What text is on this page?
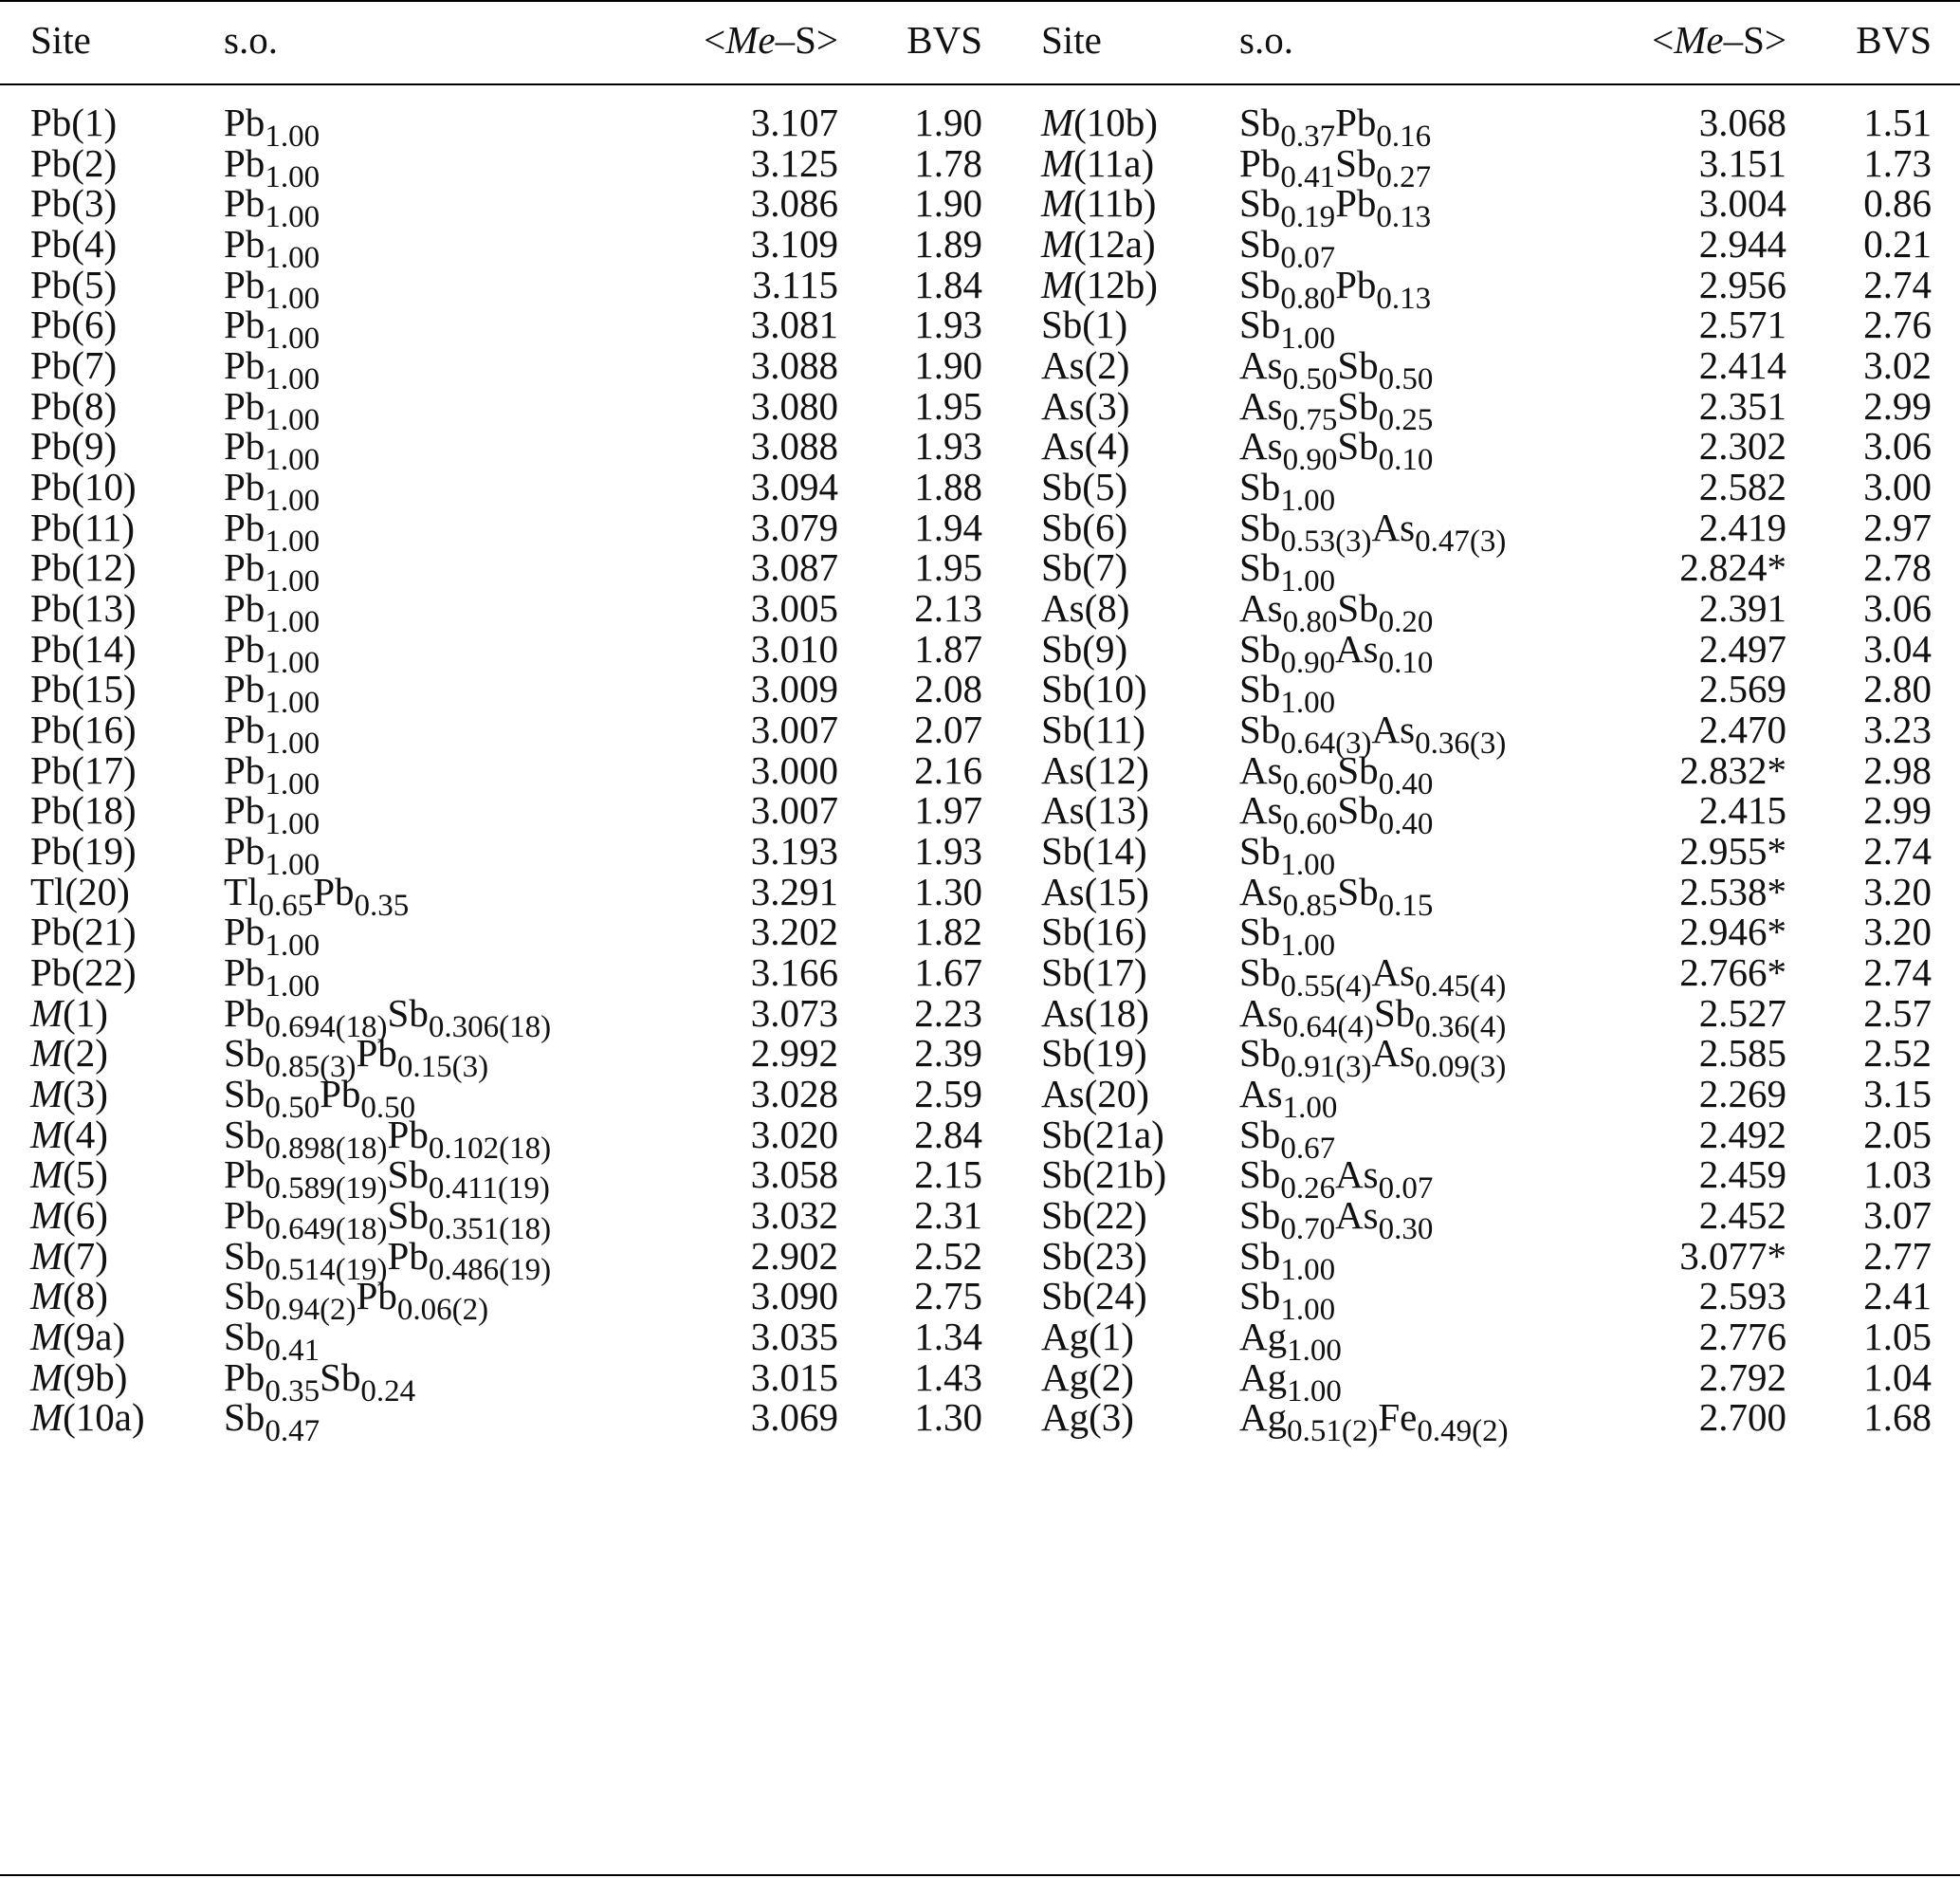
Site	s.o.	<Me–S>	BVS Site	s.o.	<Me–S>	BVS
Pb(1)	$Pb_{1.00}$	3.107	1.90 M(10b) $Sb_{0.37}Pb_{0.16}$	3.068	1.51
Pb(2)	$Pb_{1.00}$	3.125	1.78 M(11a) $Pb_{0.41}Sb_{0.27}$	3.151	1.73
Pb(3)	$Pb_{1.00}$	3.086	1.90 M(11b) $Sb_{0.19}Pb_{0.13}$	3.004	0.86
Pb(4)	$Pb_{1.00}$	3.109	1.89 M(12a) $Sb_{0.07}$	2.944	0.21
Pb(5)	$Pb_{1.00}$	3.115	1.84 M(12b) $Sb_{0.80}Pb_{0.13}$	2.956	2.74
Pb(6)	$Pb_{1.00}$	3.081	1.93 Sb(1)	$Sb_{1.00}$	2.571	2.76
Pb(7)	$Pb_{1.00}$	3.088	1.90 As(2)	$As_{0.50}Sb_{0.50}$	2.414	3.02
Pb(8)	$Pb_{1.00}$	3.080	1.95 As(3)	$As_{0.75}Sb_{0.25}$	2.351	2.99
Pb(9)	$Pb_{1.00}$	3.088	1.93 As(4)	$As_{0.90}Sb_{0.10}$	2.302	3.06
Pb(10) $Pb_{1.00}$	3.094	1.88 Sb(5)	$Sb_{1.00}$	2.582	3.00
Pb(11) $Pb_{1.00}$	3.079	1.94 Sb(6)	$Sb_{0.53(3)}As_{0.47(3)}$	2.419	2.97
Pb(12) $Pb_{1.00}$	3.087	1.95 Sb(7)	$Sb_{1.00}$	2.824*	2.78
Pb(13) $Pb_{1.00}$	3.005	2.13 As(8)	$As_{0.80}Sb_{0.20}$	2.391	3.06
Pb(14) $Pb_{1.00}$	3.010	1.87 Sb(9)	$Sb_{0.90}As_{0.10}$	2.497	3.04
Pb(15) $Pb_{1.00}$	3.009	2.08 Sb(10) $Sb_{1.00}$	2.569	2.80
Pb(16) $Pb_{1.00}$	3.007	2.07 Sb(11) $Sb_{0.64(3)}As_{0.36(3)}$	2.470	3.23
Pb(17) $Pb_{1.00}$	3.000	2.16 As(12) $As_{0.60}Sb_{0.40}$	2.832*	2.98
Pb(18) $Pb_{1.00}$	3.007	1.97 As(13) $As_{0.60}Sb_{0.40}$	2.415	2.99
Pb(19) $Pb_{1.00}$	3.193	1.93 Sb(14) $Sb_{1.00}$	2.955*	2.74
Tl(20) $Tl_{0.65}Pb_{0.35}$	3.291	1.30 As(15) $As_{0.85}Sb_{0.15}$	2.538*	3.20
Pb(21) $Pb_{1.00}$	3.202	1.82 Sb(16) $Sb_{1.00}$	2.946*	3.20
Pb(22) $Pb_{1.00}$	3.166	1.67 Sb(17) $Sb_{0.55(4)}As_{0.45(4)}$	2.766*	2.74
M(1)	$Pb_{0.694(18)}Sb_{0.306(18)}$	3.073	2.23 As(18) $As_{0.64(4)}Sb_{0.36(4)}$	2.527	2.57
M(2)	$Sb_{0.85(3)}Pb_{0.15(3)}$	2.992	2.39 Sb(19) $Sb_{0.91(3)}As_{0.09(3)}$	2.585	2.52
M(3)	$Sb_{0.50}Pb_{0.50}$	3.028	2.59 As(20) $As_{1.00}$	2.269	3.15
M(4)	$Sb_{0.898(18)}Pb_{0.102(18)}$	3.020	2.84 Sb(21a) $Sb_{0.67}$	2.492	2.05
M(5)	$Pb_{0.589(19)}Sb_{0.411(19)}$	3.058	2.15 Sb(21b) $Sb_{0.26}As_{0.07}$	2.459	1.03
M(6)	$Pb_{0.649(18)}Sb_{0.351(18)}$	3.032	2.31 Sb(22) $Sb_{0.70}As_{0.30}$	2.452	3.07
M(7)	$Sb_{0.514(19)}Pb_{0.486(19)}$	2.902	2.52 Sb(23) $Sb_{1.00}$	3.077*	2.77
M(8)	$Sb_{0.94(2)}Pb_{0.06(2)}$	3.090	2.75 Sb(24) $Sb_{1.00}$	2.593	2.41
M(9a)	$Sb_{0.41}$	3.035	1.34 Ag(1)	$Ag_{1.00}$	2.776	1.05
M(9b) $Pb_{0.35}Sb_{0.24}$	3.015	1.43 Ag(2)	$Ag_{1.00}$	2.792	1.04
M(10a) $Sb_{0.47}$	3.069	1.30 Ag(3)	$Ag_{0.51(2)}Fe_{0.49(2)}$	2.700	1.68
